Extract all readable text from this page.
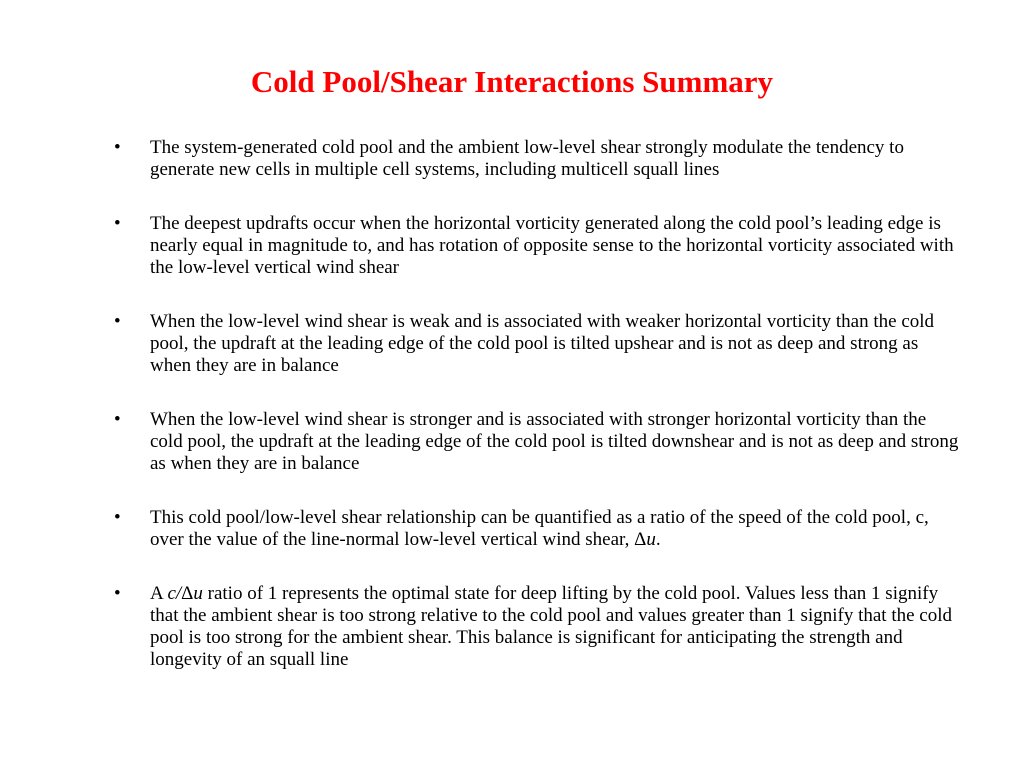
Cold Pool/Shear Interactions Summary
• The system-generated cold pool and the ambient low-level shear strongly modulate the tendency to generate new cells in multiple cell systems, including multicell squall lines
• The deepest updrafts occur when the horizontal vorticity generated along the cold pool’s leading edge is nearly equal in magnitude to, and has rotation of opposite sense to the horizontal vorticity associated with the low-level vertical wind shear
• When the low-level wind shear is weak and is associated with weaker horizontal vorticity than the cold pool, the updraft at the leading edge of the cold pool is tilted upshear and is not as deep and strong as when they are in balance
• When the low-level wind shear is stronger and is associated with stronger horizontal vorticity than the cold pool, the updraft at the leading edge of the cold pool is tilted downshear and is not as deep and strong as when they are in balance
• This cold pool/low-level shear relationship can be quantified as a ratio of the speed of the cold pool, c, over the value of the line-normal low-level vertical wind shear, Δu.
• A c/Δu ratio of 1 represents the optimal state for deep lifting by the cold pool. Values less than 1 signify that the ambient shear is too strong relative to the cold pool and values greater than 1 signify that the cold pool is too strong for the ambient shear. This balance is significant for anticipating the strength and longevity of an squall line
